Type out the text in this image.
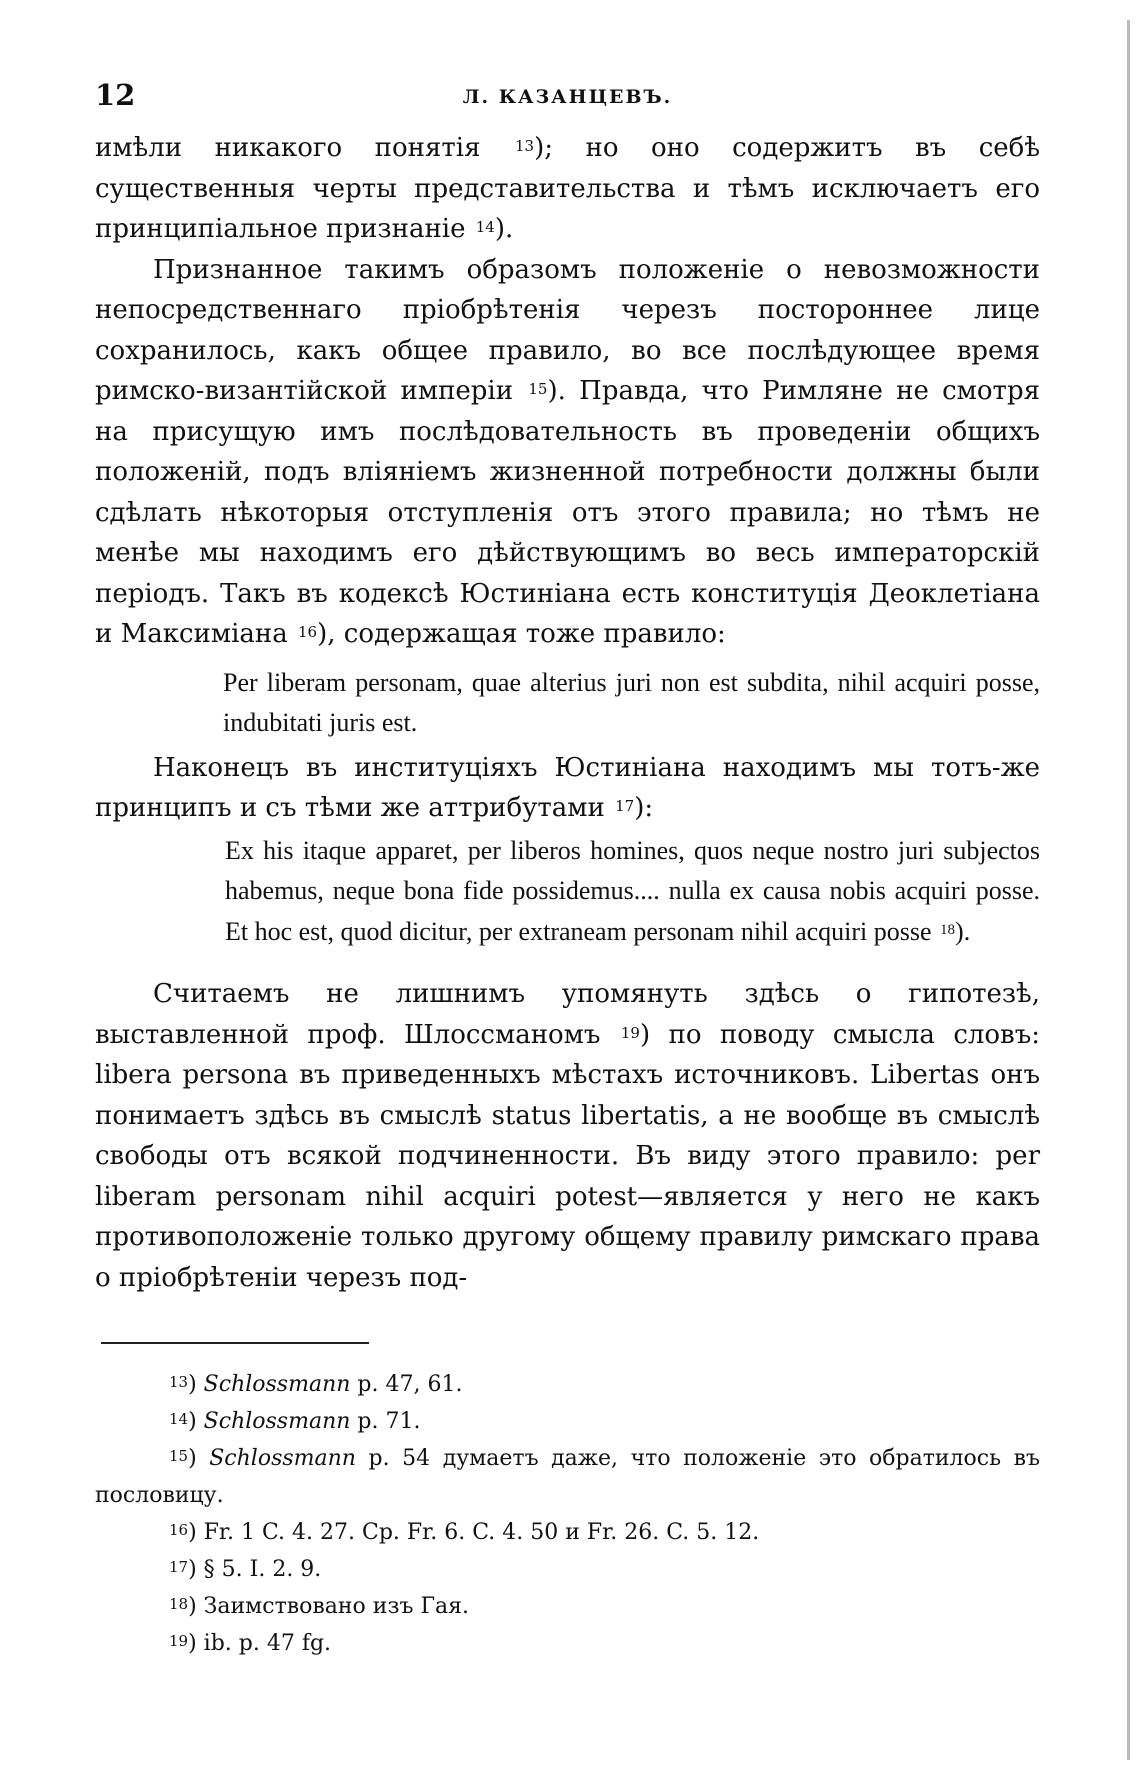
12	Л. КАЗАНЦЕВЪ.

имѣли никакого понятія $^{13}$); но оно содержитъ въ себѣ существенныя черты представительства и тѣмъ исключаетъ его принципіальное признаніе $^{14}$).

Признанное такимъ образомъ положеніе о невозможности непосредственнаго пріобрѣтенія черезъ постороннее лице сохранилось, какъ общее правило, во все послѣдующее время римско-византійской имперіи $^{15}$). Правда, что Римляне не смотря на присущую имъ послѣдовательность въ проведеніи общихъ положеній, подъ вліяніемъ жизненной потребности должны были сдѣлать нѣкоторыя отступленія отъ этого правила; но тѣмъ не менѣе мы находимъ его дѣйствующимъ во весь императорскій періодъ. Такъ въ кодексѣ Юстиніана есть конституція Деоклетіана и Максиміана $^{16}$), содержащая тоже правило:

Per liberam personam, quae alterius juri non est subdita, nihil acquiri posse, indubitati juris est.

Наконецъ въ институціяхъ Юстиніана находимъ мы тотъ-же принципъ и съ тѣми же аттрибутами $^{17}$):

Ex his itaque apparet, per liberos homines, quos neque nostro juri subjectos habemus, neque bona fide possidemus.... nulla ex causa nobis acquiri posse. Et hoc est, quod dicitur, per extraneam personam nihil acquiri posse $^{18}$).

Считаемъ не лишнимъ упомянуть здѣсь о гипотезѣ, выставленной проф. Шлоссманомъ $^{19}$) по поводу смысла словъ: libera persona въ приведенныхъ мѣстахъ источниковъ. Libertas онъ понимаетъ здѣсь въ смыслѣ status libertatis, а не вообще въ смыслѣ свободы отъ всякой подчиненности. Въ виду этого правило: per liberam personam nihil acquiri potest—является у него не какъ противоположеніе только другому общему правилу римскаго права о пріобрѣтеніи черезъ под-

$^{13}$) Schlossmann p. 47, 61.

$^{14}$) Schlossmann p. 71.

$^{15}$) Schlossmann p. 54 думаетъ даже, что положеніе это обратилось въ пословицу.

$^{16}$) Fr. 1 C. 4. 27. Cp. Fr. 6. C. 4. 50 и Fr. 26. C. 5. 12.

$^{17}$) § 5. I. 2. 9.

$^{18}$) Заимствовано изъ Гая.

$^{19}$) ib. p. 47 fg.
